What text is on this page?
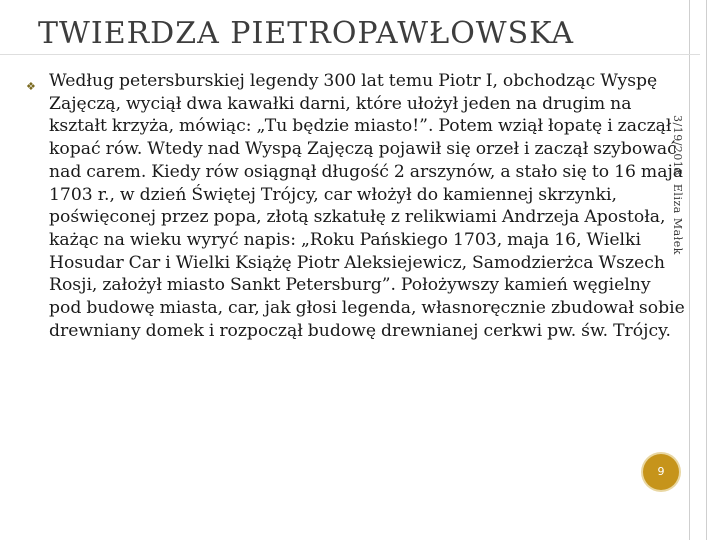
TWIERDZA PIETROPAWŁOWSKA
❖ Według petersburskiej legendy 300 lat temu Piotr I, obchodząc Wyspę Zajęczą, wyciął dwa kawałki darni, które ułożył jeden na drugim na kształt krzyża, mówiąc: „Tu będzie miasto!”. Potem wziął łopatę i zaczął kopać rów. Wtedy nad Wyspą Zajęczą pojawił się orzeł i zaczął szybować nad carem. Kiedy rów osiągnął długość 2 arszynów, a stało się to 16 maja 1703 r., w dzień Świętej Trójcy, car włożył do kamiennej skrzynki, poświęconej przez popa, złotą szkatułę z relikwiami Andrzeja Apostoła, każąc na wieku wyryć napis: „Roku Pańskiego 1703, maja 16, Wielki Hosudar Car i Wielki Książę Piotr Aleksiejewicz, Samodzierżca Wszech Rosji, założył miasto Sankt Petersburg”. Położywszy kamień węgielny pod budowę miasta, car, jak głosi legenda, własnoręcznie zbudował sobie drewniany domek i rozpoczął budowę drewnianej cerkwi pw. św. Trójcy.

3/19/2018Eliza Małek
9
